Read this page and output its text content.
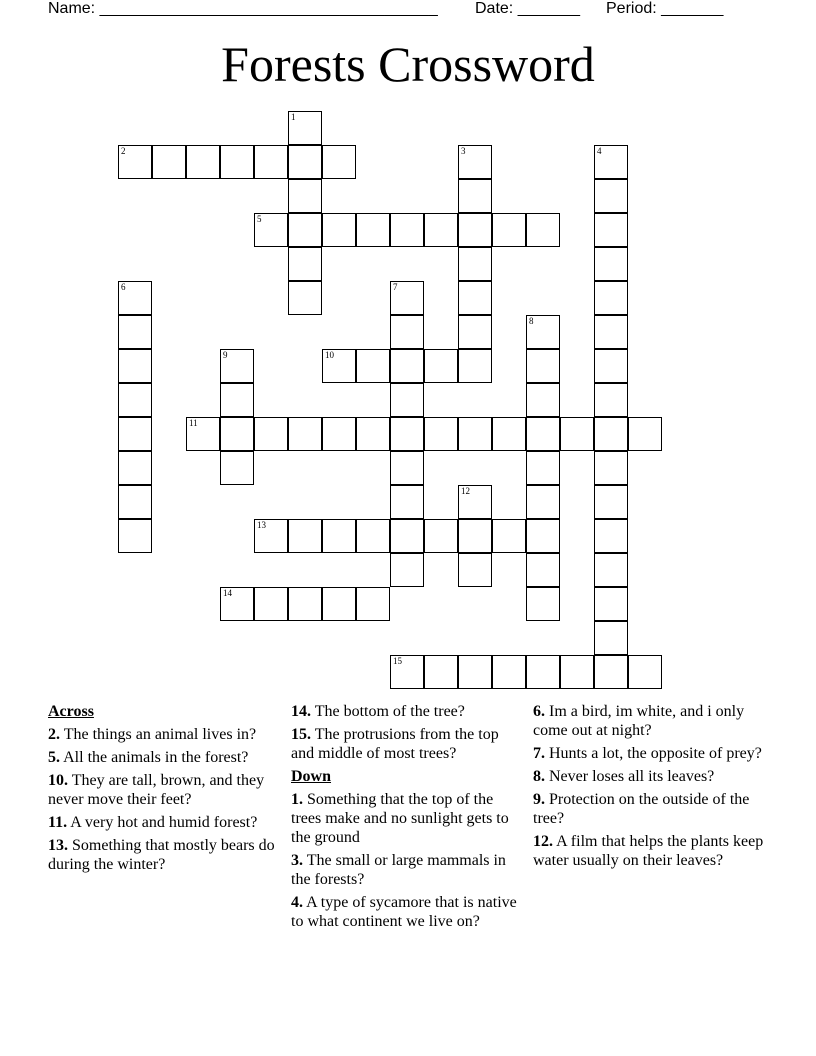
Name: ______________________________________ Date: _______ Period: _______
Forests Crossword
2
5
10
11
13
14
15
1
3	4
6	7
8
9
12
Across
2. The things an animal lives in?
5. All the animals in the forest?
10. They are tall, brown, and they never move their feet?
11. A very hot and humid forest?
13. Something that mostly bears do during the winter?
14. The bottom of the tree?
15. The protrusions from the top and middle of most trees?
Down
1. Something that the top of the trees make and no sunlight gets to the ground
3. The small or large mammals in the forests?
4. A type of sycamore that is native to what continent we live on?
6. Im a bird, im white, and i only come out at night?
7. Hunts a lot, the opposite of prey?
8. Never loses all its leaves?
9. Protection on the outside of the tree?
12. A film that helps the plants keep water usually on their leaves?
